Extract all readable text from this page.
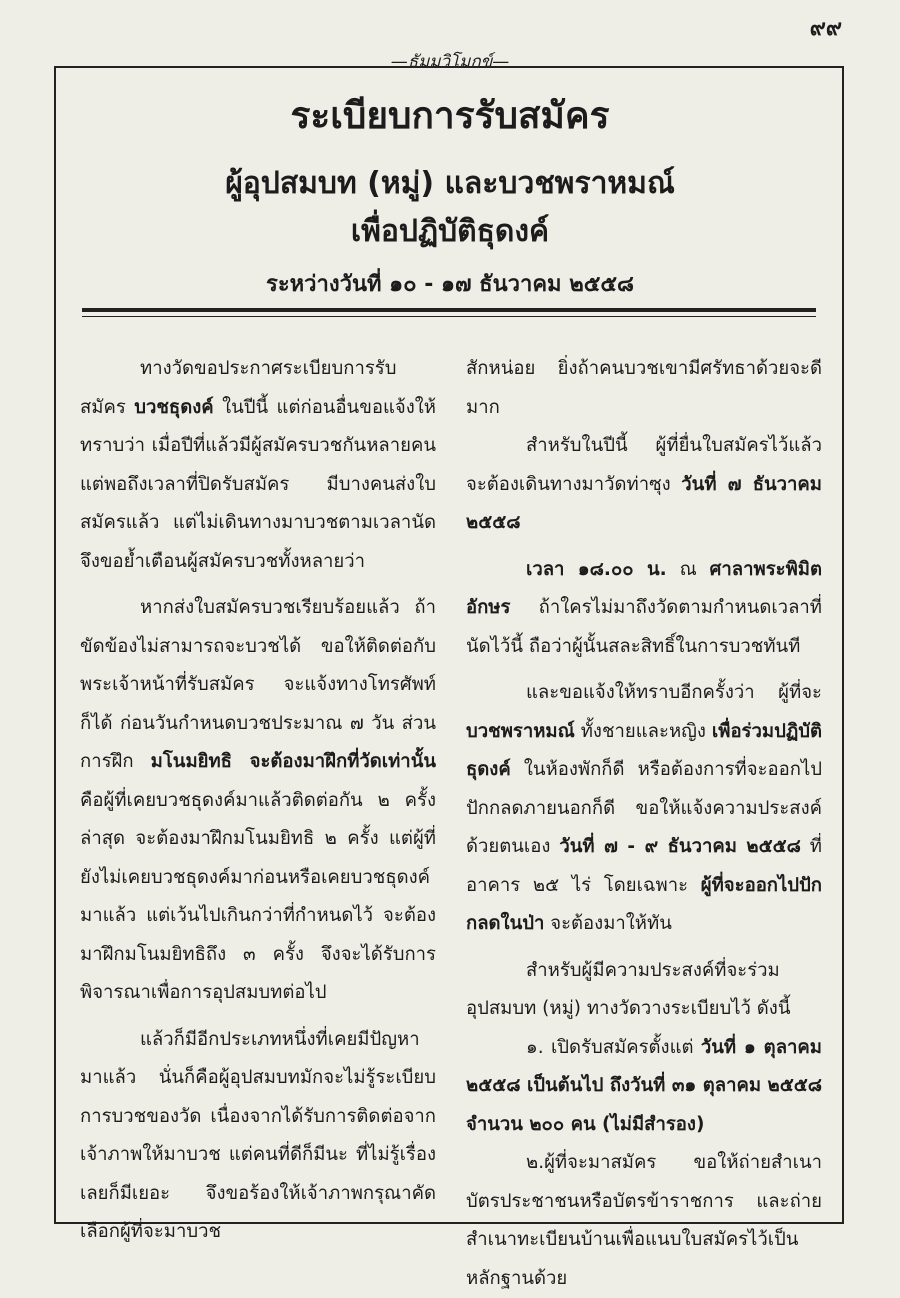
๙๙
—ธัมมวิโมกข์—
ระเบียบการรับสมัคร
ผู้อุปสมบท (หมู่) และบวชพราหมณ์
เพื่อปฏิบัติธุดงค์
ระหว่างวันที่ ๑๐ - ๑๗ ธันวาคม ๒๕๕๘

ทางวัดขอประกาศระเบียบการรับสมัคร บวชธุดงค์ ในปีนี้ แต่ก่อนอื่นขอแจ้งให้ทราบว่า เมื่อปีที่แล้วมีผู้สมัครบวชกันหลายคน แต่พอถึงเวลาที่ปิดรับสมัคร มีบางคนส่งใบสมัครแล้ว แต่ไม่เดินทางมาบวชตามเวลานัด จึงขอย้ำเตือนผู้สมัครบวชทั้งหลายว่า

หากส่งใบสมัครบวชเรียบร้อยแล้ว ถ้าขัดข้องไม่สามารถจะบวชได้ ขอให้ติดต่อกับพระเจ้าหน้าที่รับสมัคร จะแจ้งทางโทรศัพท์ก็ได้ ก่อนวันกำหนดบวชประมาณ ๗ วัน ส่วนการฝึก มโนมยิทธิ จะต้องมาฝึกที่วัดเท่านั้น คือผู้ที่เคยบวชธุดงค์มาแล้วติดต่อกัน ๒ ครั้งล่าสุด จะต้องมาฝึกมโนมยิทธิ ๒ ครั้ง แต่ผู้ที่ยังไม่เคยบวชธุดงค์มาก่อนหรือเคยบวชธุดงค์มาแล้ว แต่เว้นไปเกินกว่าที่กำหนดไว้ จะต้องมาฝึกมโนมยิทธิถึง ๓ ครั้ง จึงจะได้รับการพิจารณาเพื่อการอุปสมบทต่อไป

แล้วก็มีอีกประเภทหนึ่งที่เคยมีปัญหามาแล้ว นั่นก็คือผู้อุปสมบทมักจะไม่รู้ระเบียบการบวชของวัด เนื่องจากได้รับการติดต่อจากเจ้าภาพให้มาบวช แต่คนที่ดีก็มีนะ ที่ไม่รู้เรื่องเลยก็มีเยอะ จึงขอร้องให้เจ้าภาพกรุณาคัดเลือกผู้ที่จะมาบวช

สักหน่อย ยิ่งถ้าคนบวชเขามีศรัทธาด้วยจะดีมาก

สำหรับในปีนี้ ผู้ที่ยื่นใบสมัครไว้แล้ว จะต้องเดินทางมาวัดท่าซุง วันที่ ๗ ธันวาคม ๒๕๕๘

เวลา ๑๘.๐๐ น. ณ ศาลาพระพิมิตอักษร ถ้าใครไม่มาถึงวัดตามกำหนดเวลาที่นัดไว้นี้ ถือว่าผู้นั้นสละสิทธิ์ในการบวชทันที

และขอแจ้งให้ทราบอีกครั้งว่า ผู้ที่จะบวชพราหมณ์ ทั้งชายและหญิง เพื่อร่วมปฏิบัติธุดงค์ ในห้องพักก็ดี หรือต้องการที่จะออกไปปักกลดภายนอกก็ดี ขอให้แจ้งความประสงค์ด้วยตนเอง วันที่ ๗ - ๙ ธันวาคม ๒๕๕๘ ที่อาคาร ๒๕ ไร่ โดยเฉพาะ ผู้ที่จะออกไปปักกลดในป่า จะต้องมาให้ทัน

สำหรับผู้มีความประสงค์ที่จะร่วมอุปสมบท (หมู่) ทางวัดวางระเบียบไว้ ดังนี้

๑. เปิดรับสมัครตั้งแต่ วันที่ ๑ ตุลาคม ๒๕๕๘ เป็นต้นไป ถึงวันที่ ๓๑ ตุลาคม ๒๕๕๘ จำนวน ๒๐๐ คน (ไม่มีสำรอง)

๒.ผู้ที่จะมาสมัคร ขอให้ถ่ายสำเนาบัตรประชาชนหรือบัตรข้าราชการ และถ่ายสำเนาทะเบียนบ้านเพื่อแนบใบสมัครไว้เป็นหลักฐานด้วย
